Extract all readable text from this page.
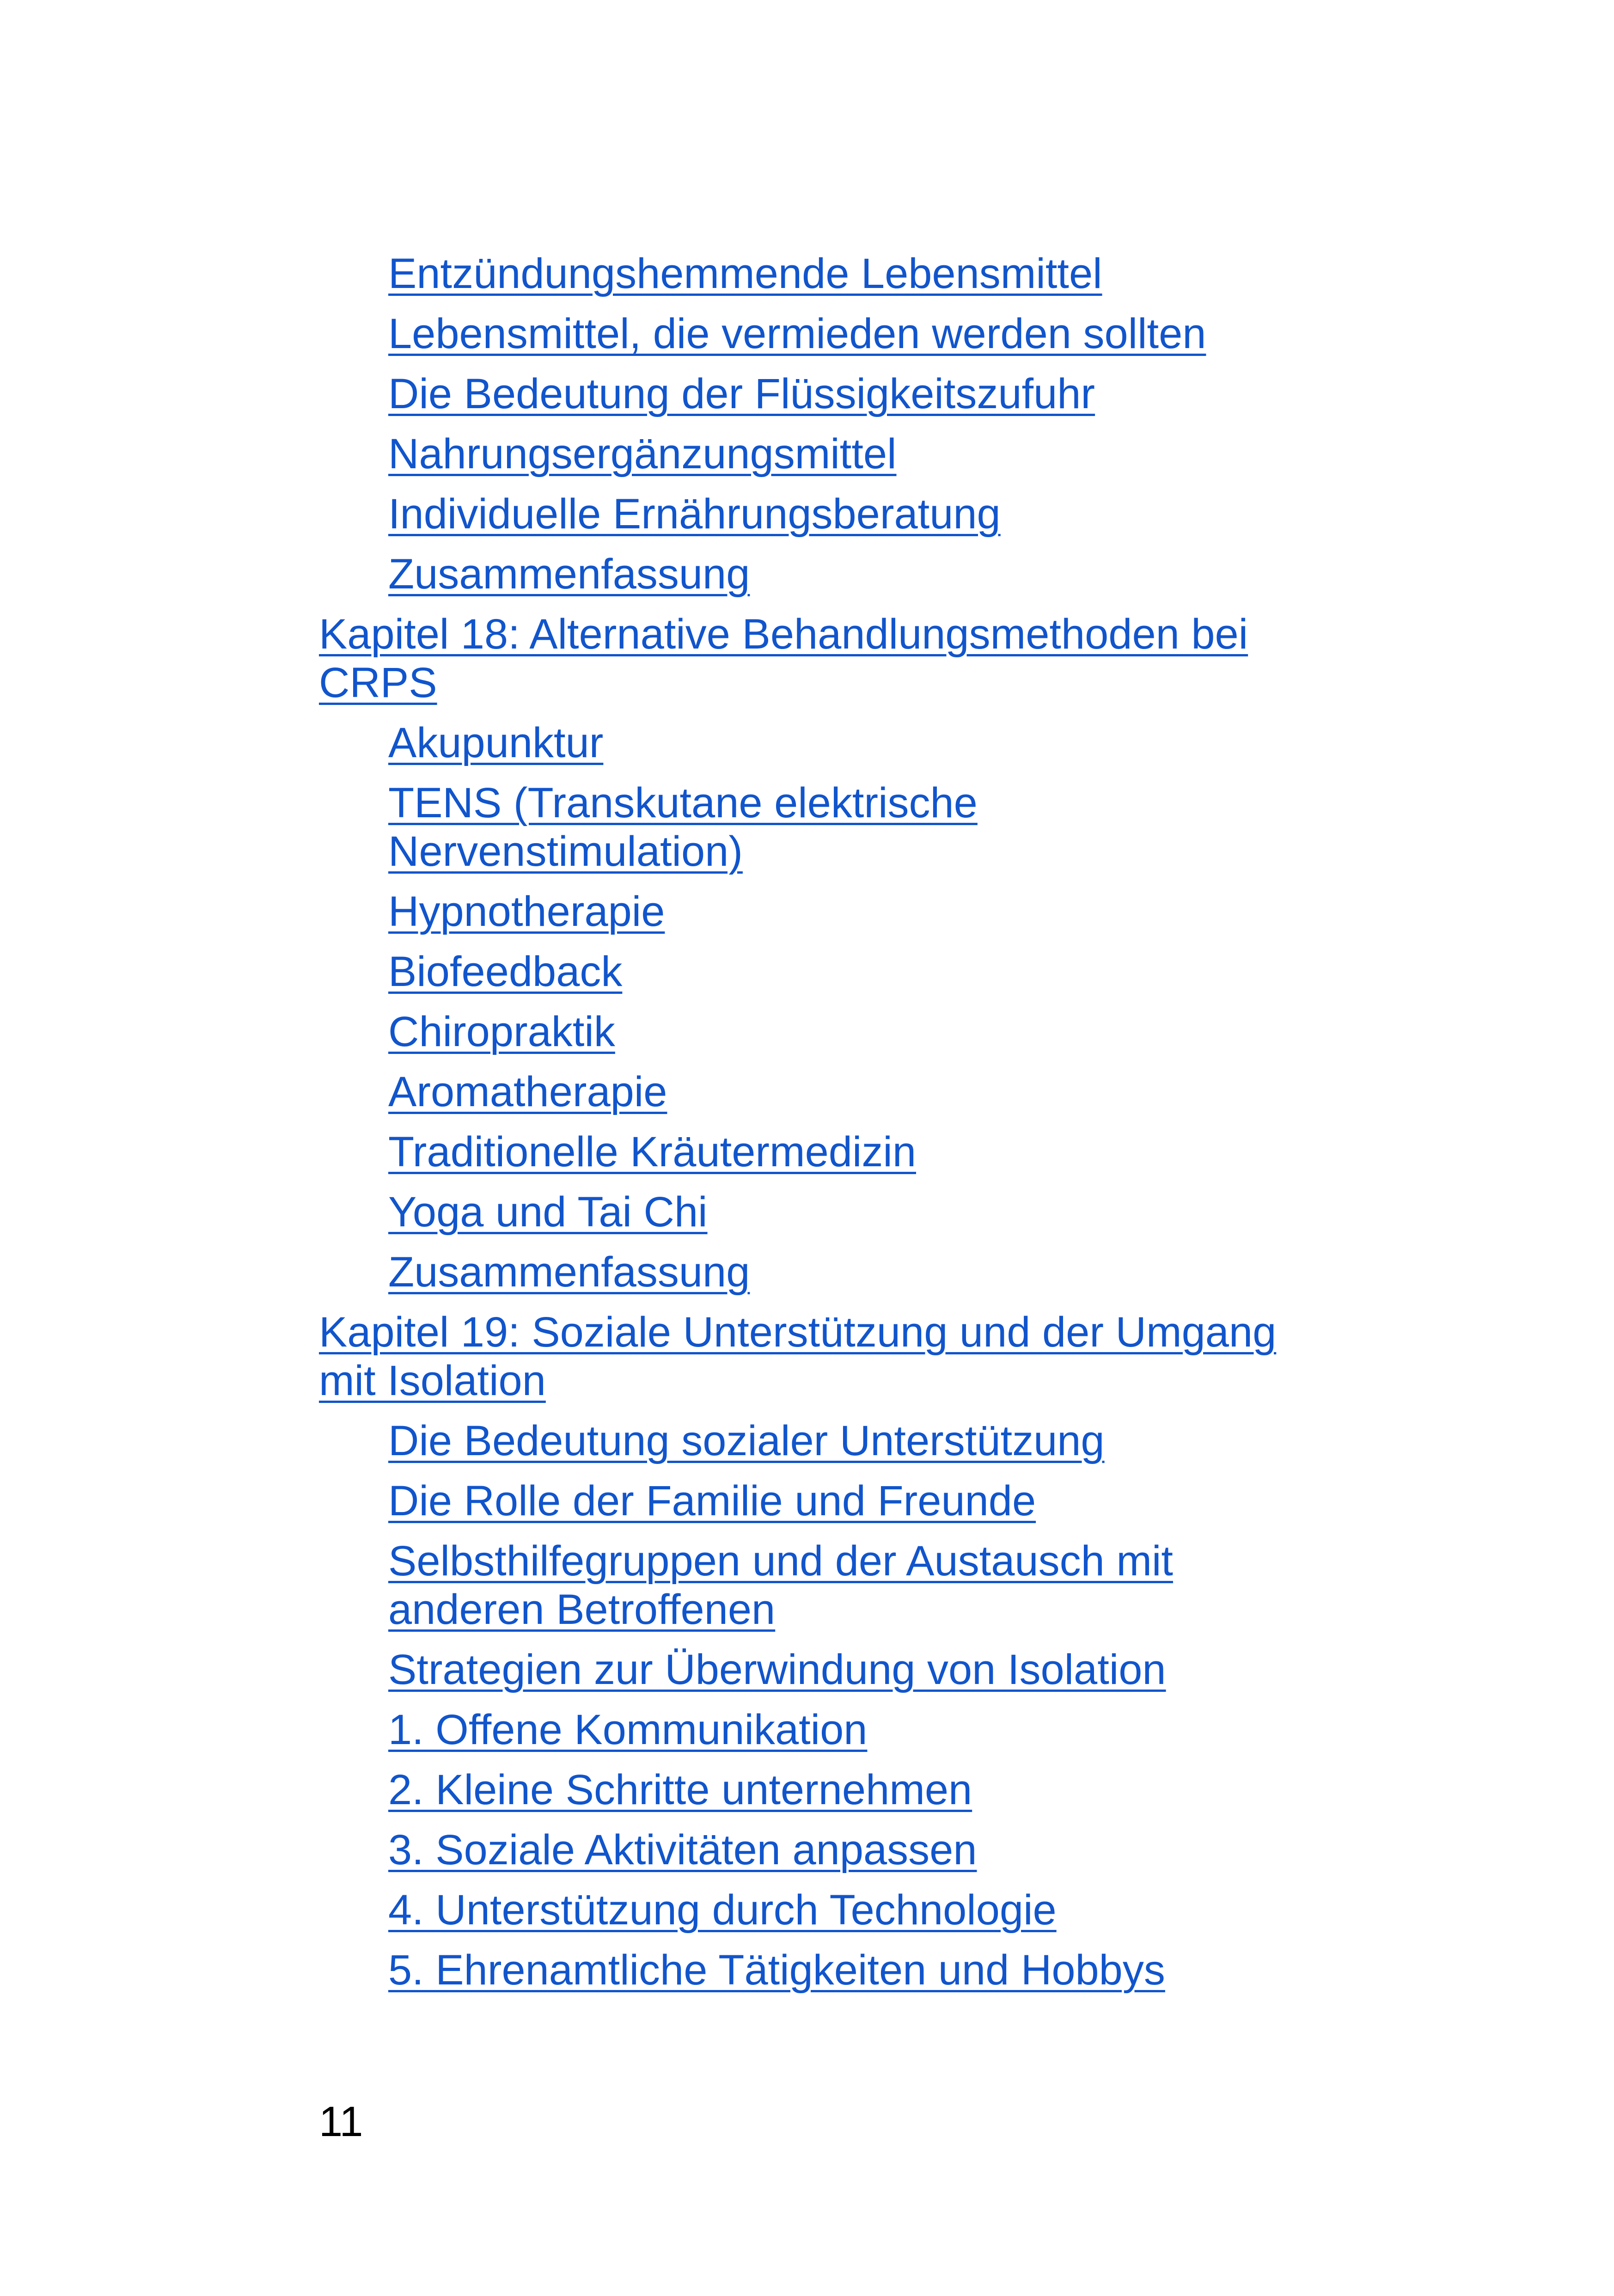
Entzündungshemmende Lebensmittel
Lebensmittel, die vermieden werden sollten
Die Bedeutung der Flüssigkeitszufuhr
Nahrungsergänzungsmittel
Individuelle Ernährungsberatung
Zusammenfassung
Kapitel 18: Alternative Behandlungsmethoden bei CRPS
Akupunktur
TENS (Transkutane elektrische Nervenstimulation)
Hypnotherapie
Biofeedback
Chiropraktik
Aromatherapie
Traditionelle Kräutermedizin
Yoga und Tai Chi
Zusammenfassung
Kapitel 19: Soziale Unterstützung und der Umgang mit Isolation
Die Bedeutung sozialer Unterstützung
Die Rolle der Familie und Freunde
Selbsthilfegruppen und der Austausch mit anderen Betroffenen
Strategien zur Überwindung von Isolation
1. Offene Kommunikation
2. Kleine Schritte unternehmen
3. Soziale Aktivitäten anpassen
4. Unterstützung durch Technologie
5. Ehrenamtliche Tätigkeiten und Hobbys
11
